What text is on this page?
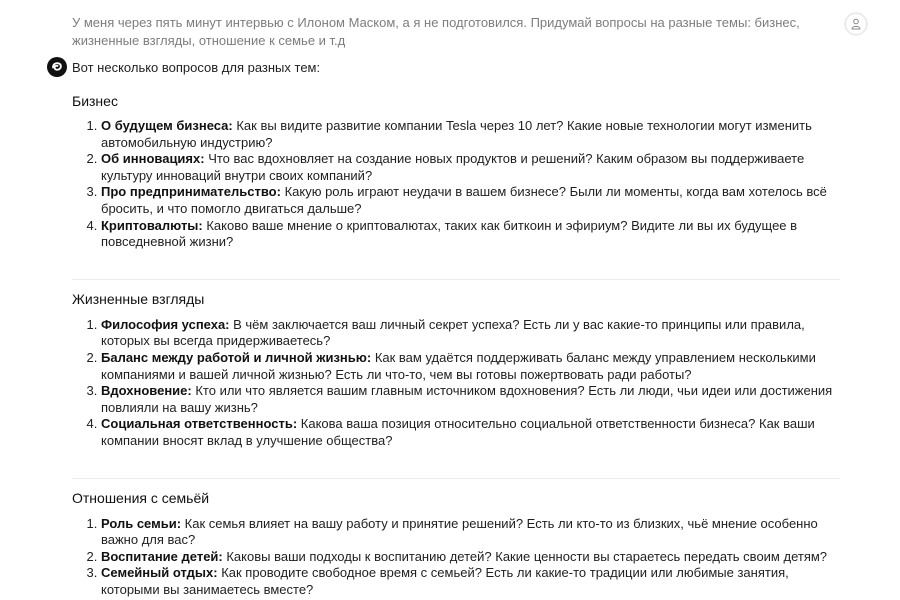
У меня через пять минут интервью с Илоном Маском, а я не подготовился. Придумай вопросы на разные темы: бизнес, жизненные взгляды, отношение к семье и т.д
Вот несколько вопросов для разных тем:
Бизнес
1. О будущем бизнеса: Как вы видите развитие компании Tesla через 10 лет? Какие новые технологии могут изменить автомобильную индустрию?
2. Об инновациях: Что вас вдохновляет на создание новых продуктов и решений? Каким образом вы поддерживаете культуру инноваций внутри своих компаний?
3. Про предпринимательство: Какую роль играют неудачи в вашем бизнесе? Были ли моменты, когда вам хотелось всё бросить, и что помогло двигаться дальше?
4. Криптовалюты: Каково ваше мнение о криптовалютах, таких как биткоин и эфириум? Видите ли вы их будущее в повседневной жизни?
Жизненные взгляды
1. Философия успеха: В чём заключается ваш личный секрет успеха? Есть ли у вас какие-то принципы или правила, которых вы всегда придерживаетесь?
2. Баланс между работой и личной жизнью: Как вам удаётся поддерживать баланс между управлением несколькими компаниями и вашей личной жизнью? Есть ли что-то, чем вы готовы пожертвовать ради работы?
3. Вдохновение: Кто или что является вашим главным источником вдохновения? Есть ли люди, чьи идеи или достижения повлияли на вашу жизнь?
4. Социальная ответственность: Какова ваша позиция относительно социальной ответственности бизнеса? Как ваши компании вносят вклад в улучшение общества?
Отношения с семьёй
1. Роль семьи: Как семья влияет на вашу работу и принятие решений? Есть ли кто-то из близких, чьё мнение особенно важно для вас?
2. Воспитание детей: Каковы ваши подходы к воспитанию детей? Какие ценности вы стараетесь передать своим детям?
3. Семейный отдых: Как проводите свободное время с семьей? Есть ли какие-то традиции или любимые занятия, которыми вы занимаетесь вместе?
